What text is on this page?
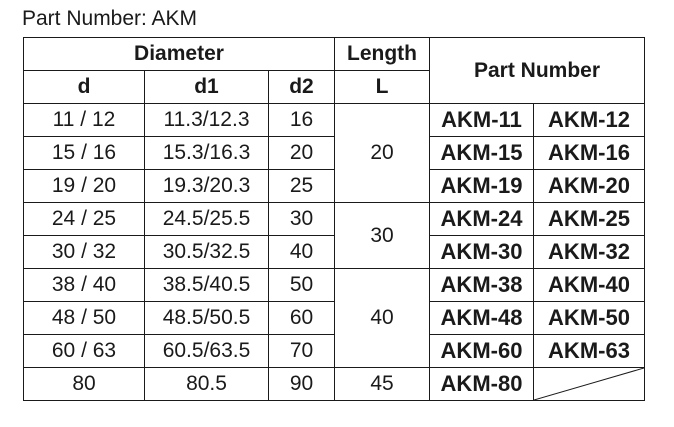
Part Number: AKM
Diameter			Length	Part Number	
d	d1	d2	L		
11 / 12	11.3/12.3	16	20	AKM-11	AKM-12
15 / 16	15.3/16.3	20		AKM-15	AKM-16
19 / 20	19.3/20.3	25		AKM-19	AKM-20
24 / 25	24.5/25.5	30	30	AKM-24	AKM-25
30 / 32	30.5/32.5	40		AKM-30	AKM-32
38 / 40	38.5/40.5	50	40	AKM-38	AKM-40
48 / 50	48.5/50.5	60		AKM-48	AKM-50
60 / 63	60.5/63.5	70		AKM-60	AKM-63
80	80.5	90	45	AKM-80	
